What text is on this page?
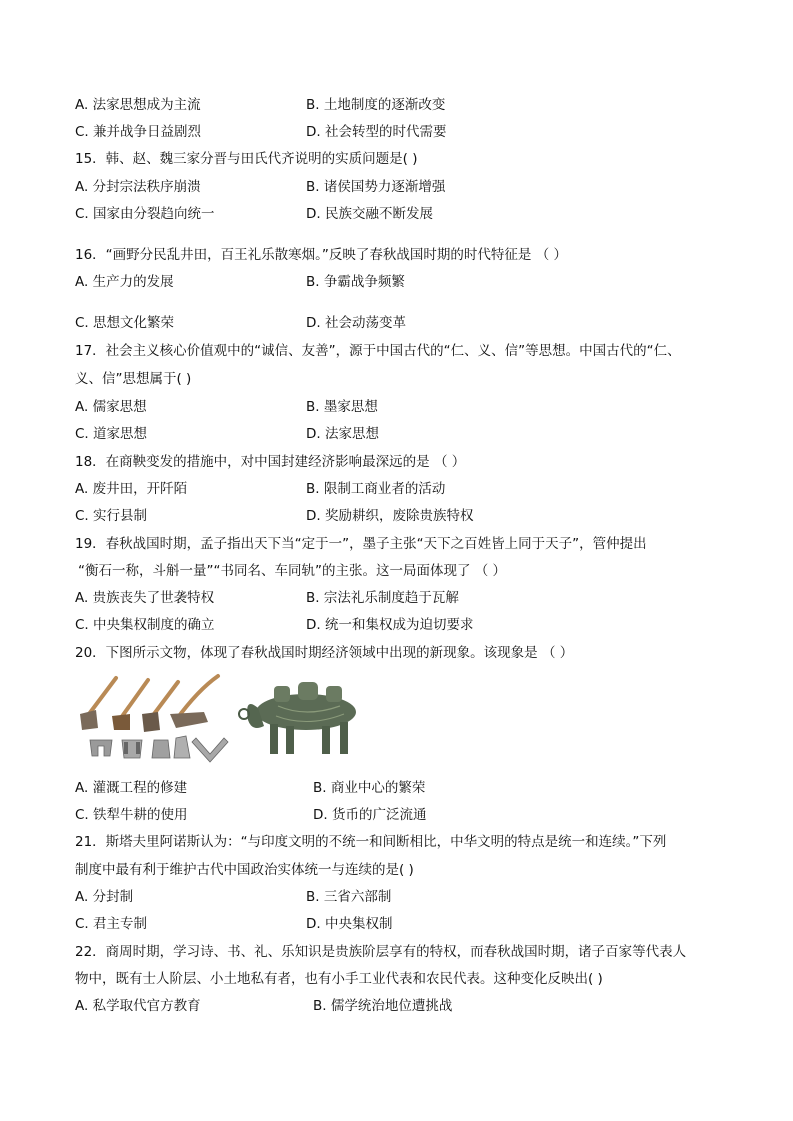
A. 法家思想成为主流	B. 土地制度的逐渐改变
C. 兼并战争日益剧烈	D. 社会转型的时代需要
15．韩、赵、魏三家分晋与田氏代齐说明的实质问题是( )
A. 分封宗法秩序崩溃	B. 诸侯国势力逐渐增强
C. 国家由分裂趋向统一	D. 民族交融不断发展
16．“画野分民乱井田，百王礼乐散寒烟。”反映了春秋战国时期的时代特征是 （ ）
A. 生产力的发展	B. 争霸战争频繁
C. 思想文化繁荣	D. 社会动荡变革
17．社会主义核心价值观中的“诚信、友善”，源于中国古代的“仁、义、信”等思想。中国古代的“仁、
义、信”思想属于( )
A. 儒家思想	B. 墨家思想
C. 道家思想	D. 法家思想
18．在商鞅变发的措施中，对中国封建经济影响最深远的是 （ ）
A. 废井田，开阡陌	B. 限制工商业者的活动
C. 实行县制	D. 奖励耕织，废除贵族特权
19．春秋战国时期，孟子指出天下当“定于一”，墨子主张“天下之百姓皆上同于天子”，管仲提出
“衡石一称，斗斛一量”“书同名、车同轨”的主张。这一局面体现了 （ ）
A. 贵族丧失了世袭特权	B. 宗法礼乐制度趋于瓦解
C. 中央集权制度的确立	D. 统一和集权成为迫切要求
20．下图所示文物，体现了春秋战国时期经济领域中出现的新现象。该现象是 （ ）
A. 灌溉工程的修建	B. 商业中心的繁荣
C. 铁犁牛耕的使用	D. 货币的广泛流通
21．斯塔夫里阿诺斯认为：“与印度文明的不统一和间断相比，中华文明的特点是统一和连续。”下列
制度中最有利于维护古代中国政治实体统一与连续的是( )
A. 分封制	B. 三省六部制
C. 君主专制	D. 中央集权制
22．商周时期，学习诗、书、礼、乐知识是贵族阶层享有的特权，而春秋战国时期，诸子百家等代表人
物中，既有士人阶层、小土地私有者，也有小手工业代表和农民代表。这种变化反映出( )
A. 私学取代官方教育	B. 儒学统治地位遭挑战
